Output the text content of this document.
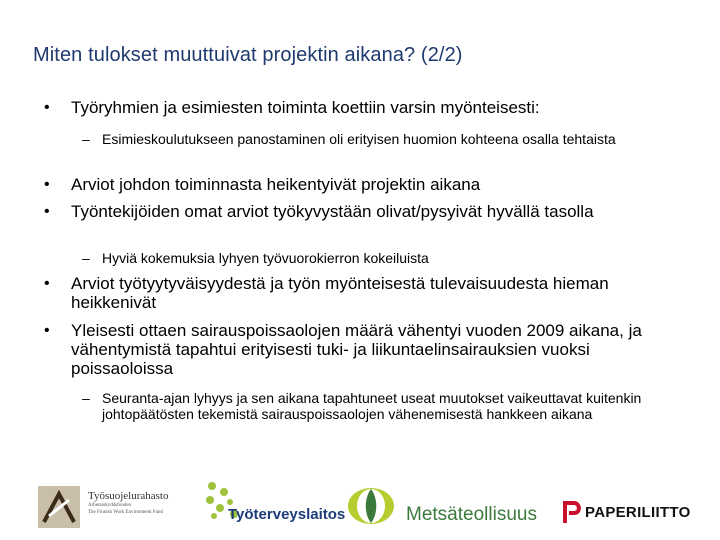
Miten tulokset muuttuivat projektin aikana? (2/2)
• Työryhmien ja esimiesten toiminta koettiin varsin myönteisesti:
– Esimieskoulutukseen panostaminen oli erityisen huomion kohteena osalla tehtaista
• Arviot johdon toiminnasta heikentyivät projektin aikana
• Työntekijöiden omat arviot työkyvystään olivat/pysyivät hyvällä tasolla
– Hyviä kokemuksia lyhyen työvuorokierron kokeiluista
• Arviot työtyytyväisyydestä ja työn myönteisestä tulevaisuudesta hieman heikkenivät
• Yleisesti ottaen sairauspoissaolojen määrä vähentyi vuoden 2009 aikana, ja vähentymistä tapahtui erityisesti tuki- ja liikuntaelinsairauksien vuoksi poissaoloissa
– Seuranta-ajan lyhyys ja sen aikana tapahtuneet useat muutokset vaikeuttavat kuitenkin johtopäätösten tekemistä sairauspoissaolojen vähenemisestä hankkeen aikana
Työsuojelurahasto
Arbetarskyddsfonden
The Finnish Work Environment Fund	Työterveyslaitos	Metsäteollisuus	PAPERILIITTO
